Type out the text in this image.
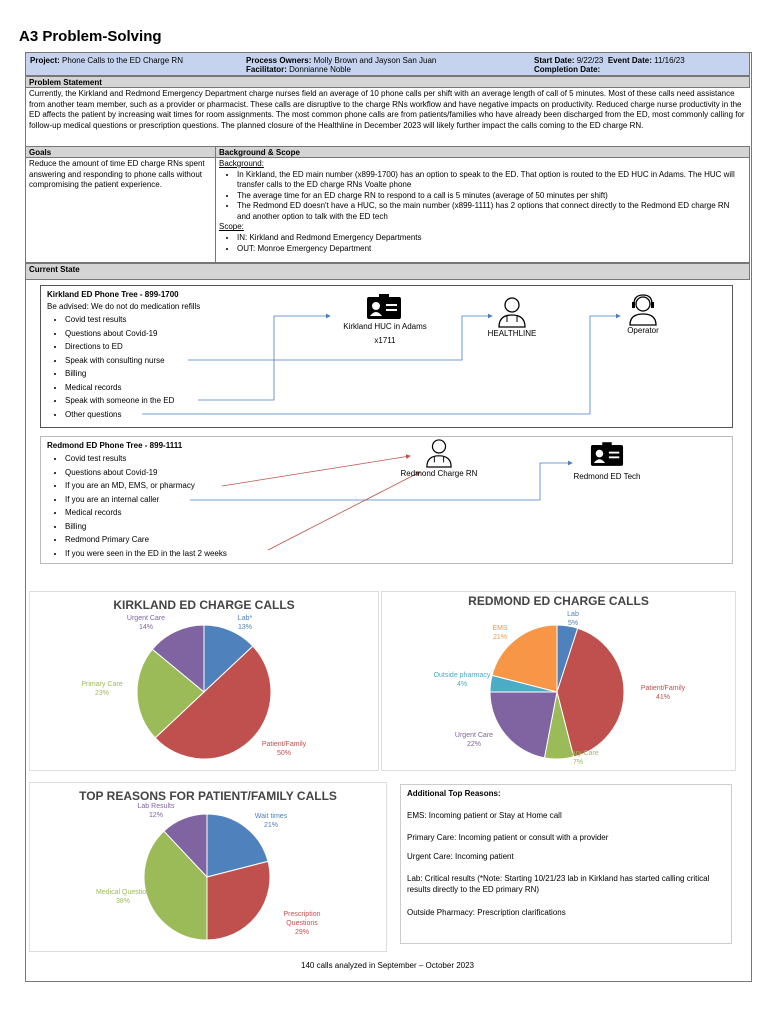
A3 Problem-Solving
Project: Phone Calls to the ED Charge RN	Process Owners: Molly Brown and Jayson San Juan
Facilitator: Donnianne Noble
Start Date: 9/22/23 Event Date: 11/16/23
Completion Date:
Problem Statement
Currently, the Kirkland and Redmond Emergency Department charge nurses field an average of 10 phone calls per shift with an average length of call of 5 minutes. Most of these calls need assistance from another team member, such as a provider or pharmacist. These calls are disruptive to the charge RNs workflow and have negative impacts on productivity. Reduced charge nurse productivity in the ED affects the patient by increasing wait times for room assignments. The most common phone calls are from patients/families who have already been discharged from the ED, most commonly calling for follow-up medical questions or prescription questions. The planned closure of the Healthline in December 2023 will likely further impact the calls coming to the ED charge RN.
Goals	Background & Scope
Reduce the amount of time ED charge RNs spent answering and responding to phone calls without compromising the patient experience.
Background:
• In Kirkland, the ED main number (x899-1700) has an option to speak to the ED. That option is routed to the ED HUC in Adams. The HUC will transfer calls to the ED charge RNs Voalte phone
• The average time for an ED charge RN to respond to a call is 5 minutes (average of 50 minutes per shift)
• The Redmond ED doesn't have a HUC, so the main number (x899-1111) has 2 options that connect directly to the Redmond ED charge RN and another option to talk with the ED tech
Scope:
• IN: Kirkland and Redmond Emergency Departments
• OUT: Monroe Emergency Department
Current State
Kirkland ED Phone Tree - 899-1700
Be advised: We do not do medication refills
• Covid test results
• Questions about Covid-19
• Directions to ED
• Speak with consulting nurse
• Billing
• Medical records
• Speak with someone in the ED
• Other questions
Redmond ED Phone Tree - 899-1111
• Covid test results
• Questions about Covid-19
• If you are an MD, EMS, or pharmacy
• If you are an internal caller
• Medical records
• Billing
• Redmond Primary Care
• If you were seen in the ED in the last 2 weeks
Kirkland HUC in Adams
x1711
HEALTHLINE	Operator
Redmond Charge RN	Redmond ED Tech
KIRKLAND ED CHARGE CALLS	REDMOND ED CHARGE CALLS
TOP REASONS FOR PATIENT/FAMILY CALLS
Lab*
13%
Patient/Family
50%
Primary Care
23%
Urgent Care
14%
Lab
5%
Patient/Family
41%
Primary Care
7%
Urgent Care
22%
Outside pharmacy
4%
EMS
21%
Wait times
21%
Prescription Questions
29%
Medical Question
38%
Lab Results
12%
Additional Top Reasons:
EMS: Incoming patient or Stay at Home call
Primary Care: Incoming patient or consult with a provider
Urgent Care: Incoming patient
Lab: Critical results (*Note: Starting 10/21/23 lab in Kirkland has started calling critical results directly to the ED primary RN)
Outside Pharmacy: Prescription clarifications
140 calls analyzed in September – October 2023
